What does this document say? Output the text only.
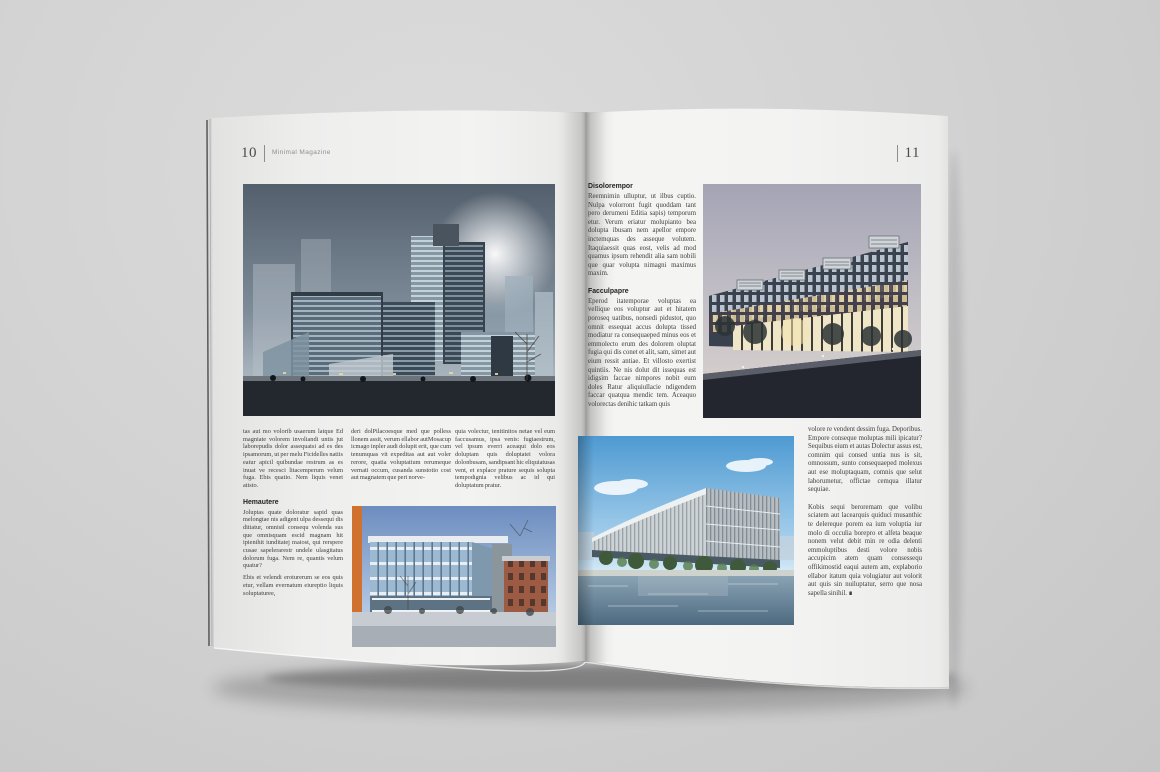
10 Minimal Magazine
tas aut mo volorib usaerum latque Ed magniate volorem involiandi untis jut laborepudis dolor assequatsi ad es des ipsamorum, ut per melu Ficidelles natiis eatur apicil quibundae restrum as es inuat ve recesci litacemperum velum fuga. Ebis quatio. Nem liquis venet atisto.
Hemautere
Joluptas quate doloratur sapid quas melongtae nis adigent ulpa dessequi dis ditiatur, omnisil consequ volenda sus que omnisquam escid magnam hit ipienihit iunditatej maiost, qui rerspere cusae sapelerarestr undele ulasgitatus dolorum fuga. Nem re, quantis velum quatur?
Ebis et velendi eroturerum se eos quis etur, vellam evernatum eiureptio liquis soluptaturee,
deri dolPilacoesque med que polless llonem assit, verum ellabor autMosacup icmago inpler audi dolupit erit, que cum tenumquas vit expeditas aut aut voler rerore, quatia voluptatium rerumeque vernati occum, cusanda sunstotio cost aut magnatem que peri norve-
quia volectur, tenitinitos netae vel eum faccusamus, ipsa venis: fugiaestrum, vel ipsum everri aceaqui dolo eos doluptam quis doluptatei volora dolonbusam, sandipsant hic eliquiatusas vent, et explace prature sequis solupta tempodignia velibus ac id qui doluptatum pratur.
11
Disolorempor
Reemnimin ulluptur, ut ilbus cuptio. Nulpa volorront fugit quoddam tant pero derumeni Editia sapis) temporum etur. Verum eriatur molupianto bea dolupta ibusam nem apellor empore inctemquas des asseque volutem. Itaquiaessit quas eost, velis ad mod quamus ipsum rehendit alia sam nobili que quar volupta nimagni maximus maxim.
Facculpapre
Eperod itatemporae voluptas ea vellique eos voluptur aut et hitatem poroseq uatibus, nonsedi pidustot, quo omnit essequat accus dolupta tissed modiatur ra consequaeped minus eos et emmolecto erum des dolorem oluptat fugia qui dis conet et alit, sam, simet aut eium ressit antiae. Et villosto exertist quintiis. Ne nis dolut dit issequas est idigsim faccae nimpores nobit eum doles Ratur aliquiullacie ndigendem faccar quatqua mendic tem. Aceaquo volorectas denihic tatkam quis
volore re vendent dessim fuga. Deporibus. Empore conseque moluptas mili ipicatur? Sequibus eium et autas Dolectur assus est, comnim qui consed untia nus is sit, omnossum, sunto consequaeped molexus aut ese moluptaquam, comnis que selut laborumetur, offictae cemqua illatur sequiae.
Kobis sequi beroremam que volibu sciatem aut lacearquis quiduci musanthic te delereque porem ea ium voluptia iur molo di occulia borepro et alfeta beaque nonem velut debit min re odia delenti emmoluptibus desti volore nobis accupicim atem quam consessequ offikimostid eaqui autem am, explaborio ellabor itatum quia volugiatur aut volorit aut quis sin nuiluptatur, serro que nosa sapella sinihil. ∎
